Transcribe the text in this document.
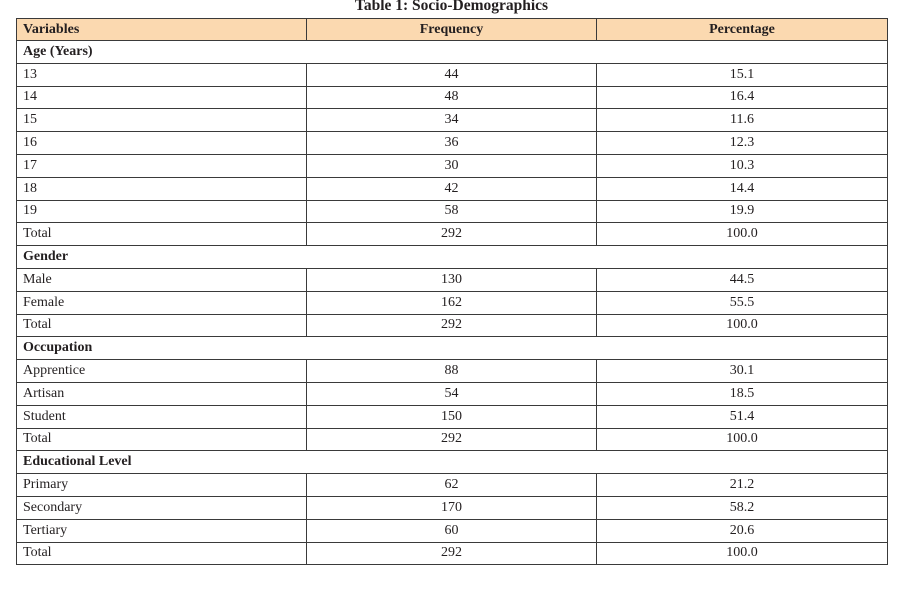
Table 1: Socio-Demographics
Variables	Frequency	Percentage
Age (Years)		
13	44	15.1
14	48	16.4
15	34	11.6
16	36	12.3
17	30	10.3
18	42	14.4
19	58	19.9
Total	292	100.0
Gender		
Male	130	44.5
Female	162	55.5
Total	292	100.0
Occupation		
Apprentice	88	30.1
Artisan	54	18.5
Student	150	51.4
Total	292	100.0
Educational Level		
Primary	62	21.2
Secondary	170	58.2
Tertiary	60	20.6
Total	292	100.0
